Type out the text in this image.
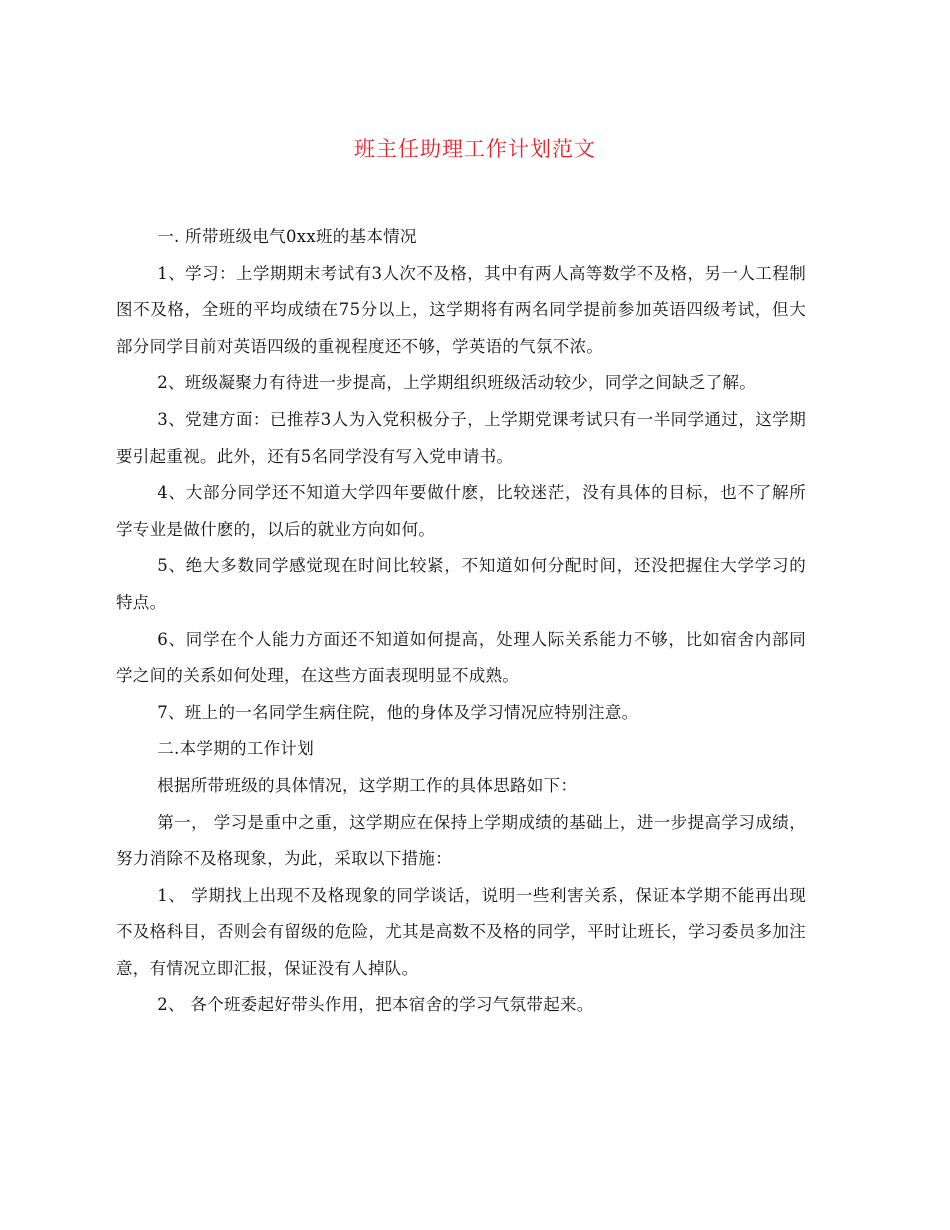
班主任助理工作计划范文

一. 所带班级电气0xx班的基本情况

1、学习：上学期期末考试有3人次不及格，其中有两人高等数学不及格，另一人工程制图不及格，全班的平均成绩在75分以上，这学期将有两名同学提前参加英语四级考试，但大部分同学目前对英语四级的重视程度还不够，学英语的气氛不浓。

2、班级凝聚力有待进一步提高，上学期组织班级活动较少，同学之间缺乏了解。

3、党建方面：已推荐3人为入党积极分子，上学期党课考试只有一半同学通过，这学期要引起重视。此外，还有5名同学没有写入党申请书。

4、大部分同学还不知道大学四年要做什麽，比较迷茫，没有具体的目标，也不了解所学专业是做什麽的，以后的就业方向如何。

5、绝大多数同学感觉现在时间比较紧，不知道如何分配时间，还没把握住大学学习的特点。

6、同学在个人能力方面还不知道如何提高，处理人际关系能力不够，比如宿舍内部同学之间的关系如何处理，在这些方面表现明显不成熟。

7、班上的一名同学生病住院，他的身体及学习情况应特别注意。

二.本学期的工作计划

根据所带班级的具体情况，这学期工作的具体思路如下：

第一， 学习是重中之重，这学期应在保持上学期成绩的基础上，进一步提高学习成绩，努力消除不及格现象，为此，采取以下措施：

1、 学期找上出现不及格现象的同学谈话，说明一些利害关系，保证本学期不能再出现不及格科目，否则会有留级的危险，尤其是高数不及格的同学，平时让班长，学习委员多加注意，有情况立即汇报，保证没有人掉队。

2、 各个班委起好带头作用，把本宿舍的学习气氛带起来。
